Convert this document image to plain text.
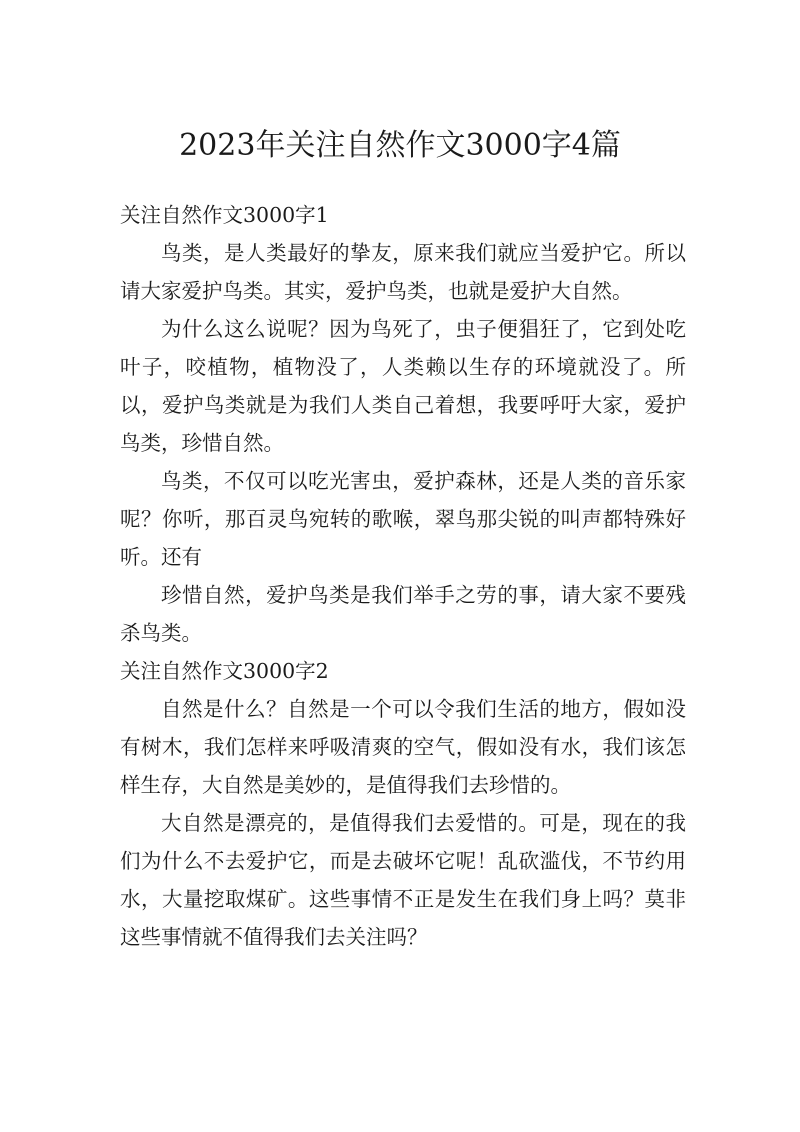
2023年关注自然作文3000字4篇
关注自然作文3000字1

鸟类，是人类最好的挚友，原来我们就应当爱护它。所以请大家爱护鸟类。其实，爱护鸟类，也就是爱护大自然。

为什么这么说呢？因为鸟死了，虫子便猖狂了，它到处吃叶子，咬植物，植物没了，人类赖以生存的环境就没了。所以，爱护鸟类就是为我们人类自己着想，我要呼吁大家，爱护鸟类，珍惜自然。

鸟类，不仅可以吃光害虫，爱护森林，还是人类的音乐家呢？你听，那百灵鸟宛转的歌喉，翠鸟那尖锐的叫声都特殊好听。还有

珍惜自然，爱护鸟类是我们举手之劳的事，请大家不要残杀鸟类。

关注自然作文3000字2

自然是什么？自然是一个可以令我们生活的地方，假如没有树木，我们怎样来呼吸清爽的空气，假如没有水，我们该怎样生存，大自然是美妙的，是值得我们去珍惜的。

大自然是漂亮的，是值得我们去爱惜的。可是，现在的我们为什么不去爱护它，而是去破坏它呢！乱砍滥伐，不节约用水，大量挖取煤矿。这些事情不正是发生在我们身上吗？莫非这些事情就不值得我们去关注吗？
